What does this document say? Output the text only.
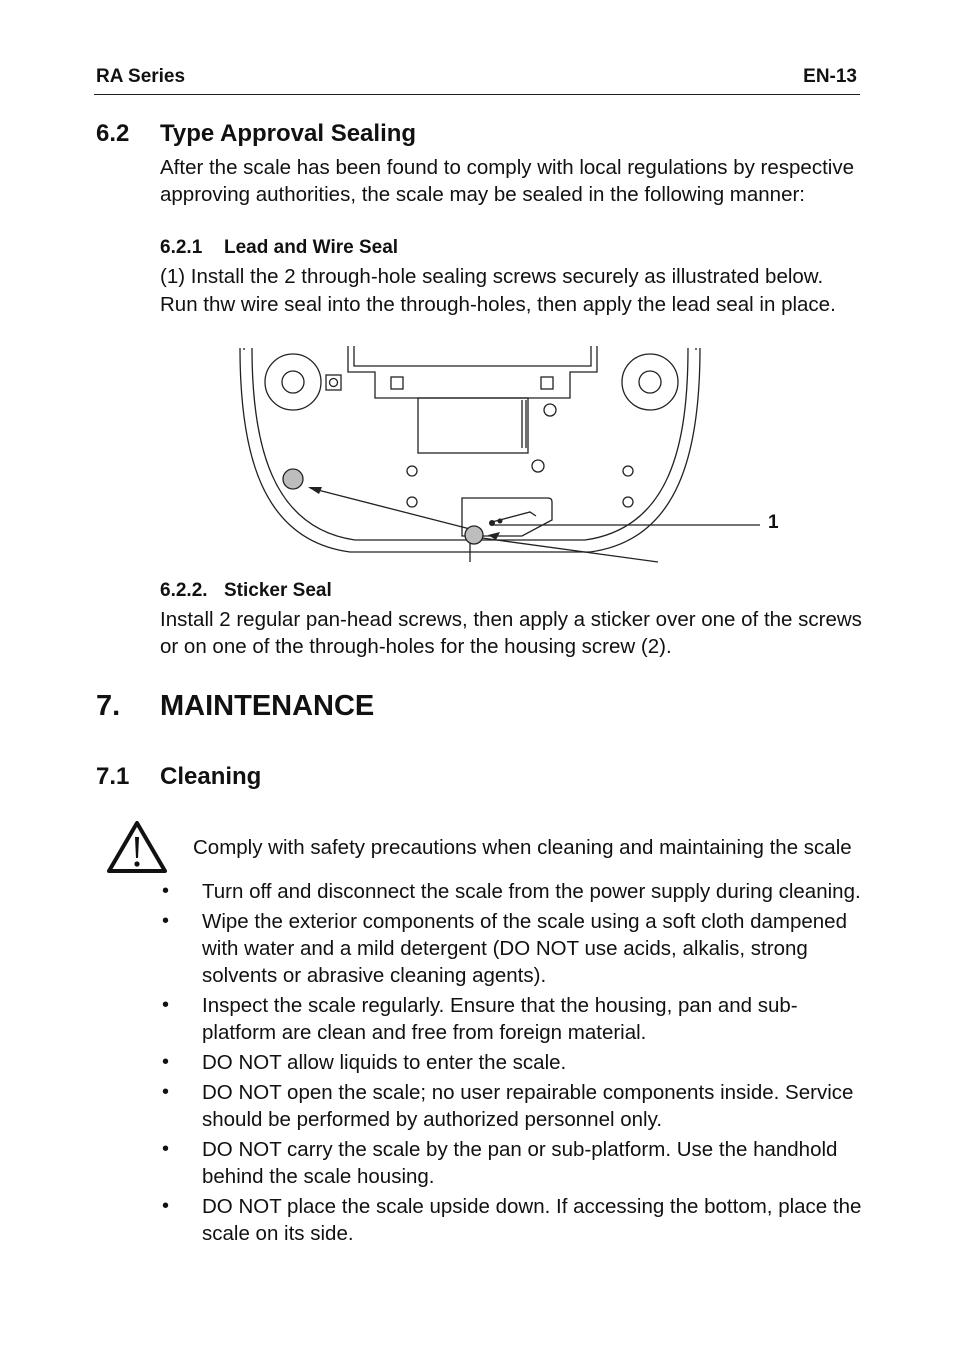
RA Series	EN-13
6.2 Type Approval Sealing
After the scale has been found to comply with local regulations by respective
approving authorities, the scale may be sealed in the following manner:
6.2.1 Lead and Wire Seal
(1) Install the 2 through-hole sealing screws securely as illustrated below.
Run thw wire seal into the through-holes, then apply the lead seal in place.
1
6.2.2. Sticker Seal
Install 2 regular pan-head screws, then apply a sticker over one of the screws
or on one of the through-holes for the housing screw (2).
7. MAINTENANCE
7.1 Cleaning
Comply with safety precautions when cleaning and maintaining the scale
• Turn off and disconnect the scale from the power supply during cleaning.
• Wipe the exterior components of the scale using a soft cloth dampened
with water and a mild detergent (DO NOT use acids, alkalis, strong
solvents or abrasive cleaning agents).
• Inspect the scale regularly. Ensure that the housing, pan and sub-
platform are clean and free from foreign material.
• DO NOT allow liquids to enter the scale.
• DO NOT open the scale; no user repairable components inside. Service
should be performed by authorized personnel only.
• DO NOT carry the scale by the pan or sub-platform. Use the handhold
behind the scale housing.
• DO NOT place the scale upside down. If accessing the bottom, place the
scale on its side.
